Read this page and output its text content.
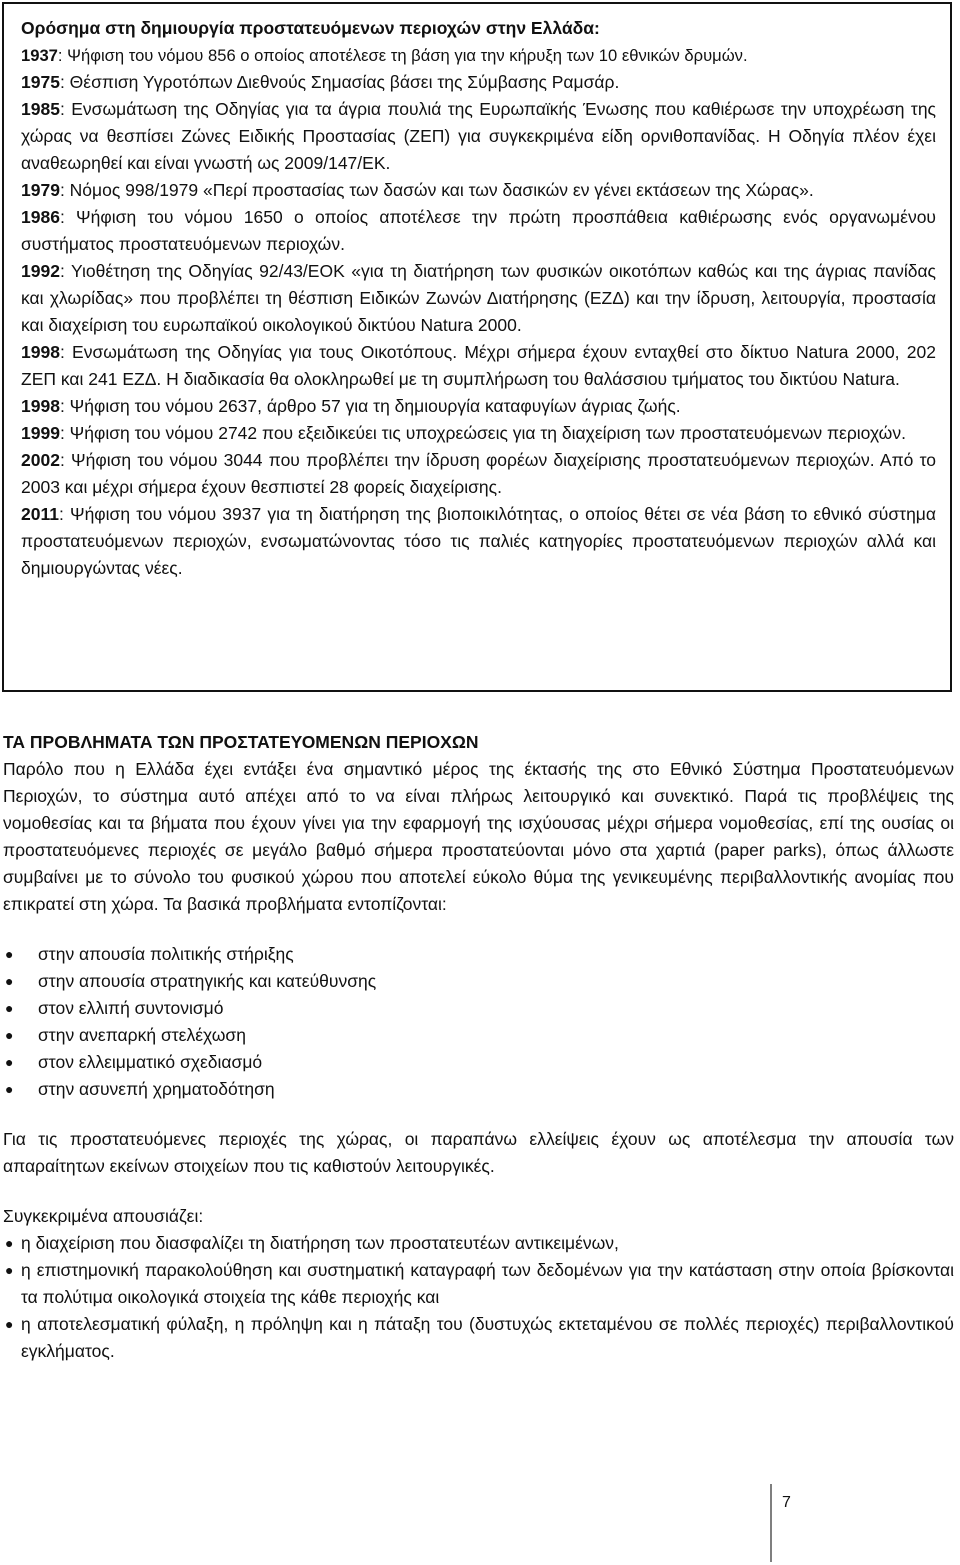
Ορόσημα στη δημιουργία προστατευόμενων περιοχών στην Ελλάδα:

1937: Ψήφιση του νόμου 856 ο οποίος αποτέλεσε τη βάση για την κήρυξη των 10 εθνικών δρυμών.

1975: Θέσπιση Υγροτόπων Διεθνούς Σημασίας βάσει της Σύμβασης Ραμσάρ.

1985: Ενσωμάτωση της Οδηγίας για τα άγρια πουλιά της Ευρωπαϊκής Ένωσης που καθιέρωσε την υποχρέωση της χώρας να θεσπίσει Ζώνες Ειδικής Προστασίας (ΖΕΠ) για συγκεκριμένα είδη ορνιθοπανίδας. Η Οδηγία πλέον έχει αναθεωρηθεί και είναι γνωστή ως 2009/147/ΕΚ.

1979: Νόμος 998/1979 «Περί προστασίας των δασών και των δασικών εν γένει εκτάσεων της Χώρας».

1986: Ψήφιση του νόμου 1650 ο οποίος αποτέλεσε την πρώτη προσπάθεια καθιέρωσης ενός οργανωμένου συστήματος προστατευόμενων περιοχών.

1992: Υιοθέτηση της Οδηγίας 92/43/ΕΟΚ «για τη διατήρηση των φυσικών οικοτόπων καθώς και της άγριας πανίδας και χλωρίδας» που προβλέπει τη θέσπιση Ειδικών Ζωνών Διατήρησης (ΕΖΔ) και την ίδρυση, λειτουργία, προστασία και διαχείριση του ευρωπαϊκού οικολογικού δικτύου Natura 2000.

1998: Ενσωμάτωση της Οδηγίας για τους Οικοτόπους. Μέχρι σήμερα έχουν ενταχθεί στο δίκτυο Natura 2000, 202 ΖΕΠ και 241 ΕΖΔ. Η διαδικασία θα ολοκληρωθεί με τη συμπλήρωση του θαλάσσιου τμήματος του δικτύου Natura.

1998: Ψήφιση του νόμου 2637, άρθρο 57 για τη δημιουργία καταφυγίων άγριας ζωής.

1999: Ψήφιση του νόμου 2742 που εξειδικεύει τις υποχρεώσεις για τη διαχείριση των προστατευόμενων περιοχών.

2002: Ψήφιση του νόμου 3044 που προβλέπει την ίδρυση φορέων διαχείρισης προστατευόμενων περιοχών. Από το 2003 και μέχρι σήμερα έχουν θεσπιστεί 28 φορείς διαχείρισης.

2011: Ψήφιση του νόμου 3937 για τη διατήρηση της βιοποικιλότητας, ο οποίος θέτει σε νέα βάση το εθνικό σύστημα προστατευόμενων περιοχών, ενσωματώνοντας τόσο τις παλιές κατηγορίες προστατευόμενων περιοχών αλλά και δημιουργώντας νέες.

ΤΑ ΠΡΟΒΛΗΜΑΤΑ ΤΩΝ ΠΡΟΣΤΑΤΕΥΟΜΕΝΩΝ ΠΕΡΙΟΧΩΝ

Παρόλο που η Ελλάδα έχει εντάξει ένα σημαντικό μέρος της έκτασής της στο Εθνικό Σύστημα Προστατευόμενων Περιοχών, το σύστημα αυτό απέχει από το να είναι πλήρως λειτουργικό και συνεκτικό. Παρά τις προβλέψεις της νομοθεσίας και τα βήματα που έχουν γίνει για την εφαρμογή της ισχύουσας μέχρι σήμερα νομοθεσίας, επί της ουσίας οι προστατευόμενες περιοχές σε μεγάλο βαθμό σήμερα προστατεύονται μόνο στα χαρτιά (paper parks), όπως άλλωστε συμβαίνει με το σύνολο του φυσικού χώρου που αποτελεί εύκολο θύμα της γενικευμένης περιβαλλοντικής ανομίας που επικρατεί στη χώρα. Τα βασικά προβλήματα εντοπίζονται:

● στην απουσία πολιτικής στήριξης
● στην απουσία στρατηγικής και κατεύθυνσης
● στον ελλιπή συντονισμό
● στην ανεπαρκή στελέχωση
● στον ελλειμματικό σχεδιασμό
● στην ασυνεπή χρηματοδότηση

Για τις προστατευόμενες περιοχές της χώρας, οι παραπάνω ελλείψεις έχουν ως αποτέλεσμα την απουσία των απαραίτητων εκείνων στοιχείων που τις καθιστούν λειτουργικές.

Συγκεκριμένα απουσιάζει:

● η διαχείριση που διασφαλίζει τη διατήρηση των προστατευτέων αντικειμένων,
● η επιστημονική παρακολούθηση και συστηματική καταγραφή των δεδομένων για την κατάσταση στην οποία βρίσκονται τα πολύτιμα οικολογικά στοιχεία της κάθε περιοχής και
● η αποτελεσματική φύλαξη, η πρόληψη και η πάταξη του (δυστυχώς εκτεταμένου σε πολλές περιοχές) περιβαλλοντικού εγκλήματος.
7
